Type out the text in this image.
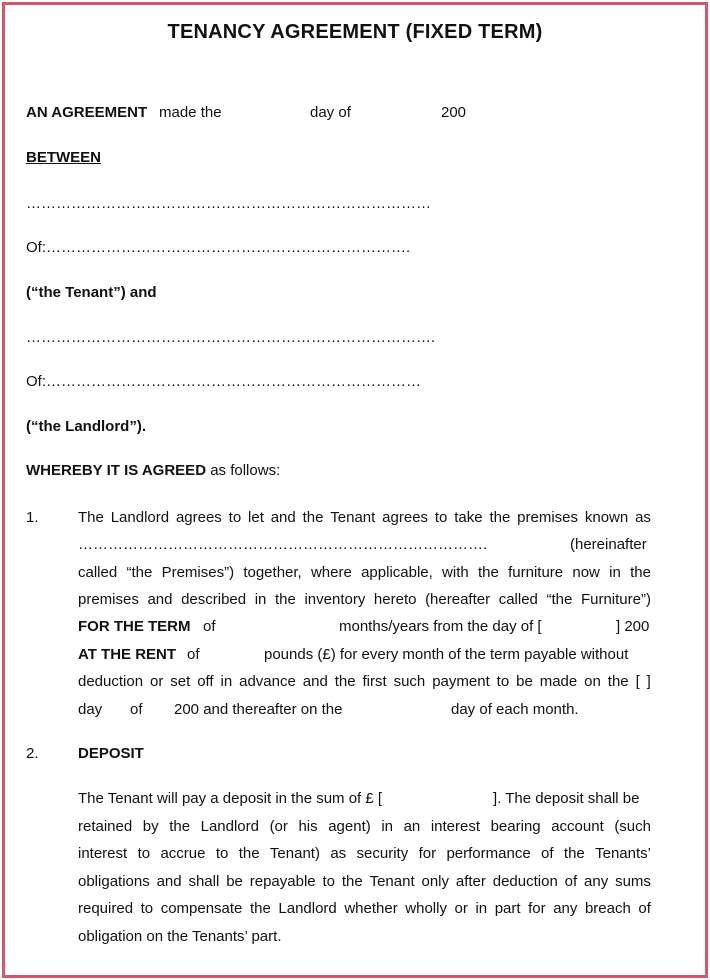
TENANCY AGREEMENT (FIXED TERM)
AN AGREEMENT made the	day of	200
BETWEEN
………………………………………………………………………
Of:……………………………………………………………….
(“the Tenant”) and
……………………………………………………………………….
Of:…………………………………………………………………
(“the Landlord”).
WHEREBY IT IS AGREED as follows:
1.	The Landlord agrees to let and the Tenant agrees to take the premises known as
……………………………………………………………………….	(hereinafter
called “the Premises”) together, where applicable, with the furniture now in the
premises and described in the inventory hereto (hereafter called “the Furniture”)
FOR THE TERM of	months/years from the day of [	] 200
AT THE RENT of	pounds (£) for every month of the term payable without
deduction or set off in advance and the first such payment to be made on the [ ]
day of 200 and thereafter on the	day of each month.
2.	DEPOSIT
The Tenant will pay a deposit in the sum of £ [	]. The deposit shall be
retained by the Landlord (or his agent) in an interest bearing account (such
interest to accrue to the Tenant) as security for performance of the Tenants’
obligations and shall be repayable to the Tenant only after deduction of any sums
required to compensate the Landlord whether wholly or in part for any breach of
obligation on the Tenants’ part.
